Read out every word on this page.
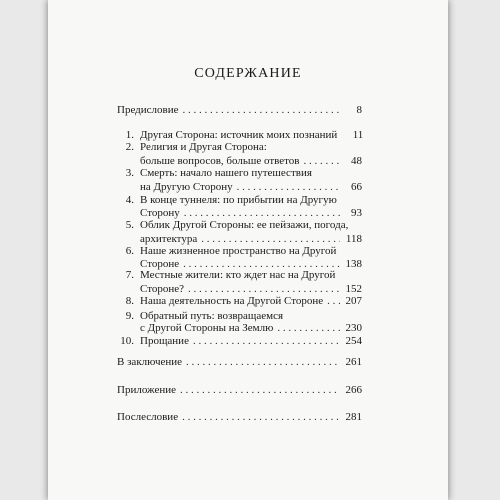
СОДЕРЖАНИЕ
Предисловие . . .	8
1. Другая Сторона: источник моих познаний	11
2. Религия и Другая Сторона:
больше вопросов, больше ответов . . .	48
3. Смерть: начало нашего путешествия
на Другую Сторону . . .	66
4. В конце туннеля: по прибытии на Другую
Сторону . . .	93
5. Облик Другой Стороны: ее пейзажи, погода,
архитектура . . .	118
6. Наше жизненное пространство на Другой
Стороне . . .	138
7. Местные жители: кто ждет нас на Другой
Стороне? . . .	152
8. Наша деятельность на Другой Стороне . . . 207
9. Обратный путь: возвращаемся
с Другой Стороны на Землю . . .	230
10. Прощание . . .	254
В заключение . . .	261
Приложение . . .	266
Послесловие . . .	281
